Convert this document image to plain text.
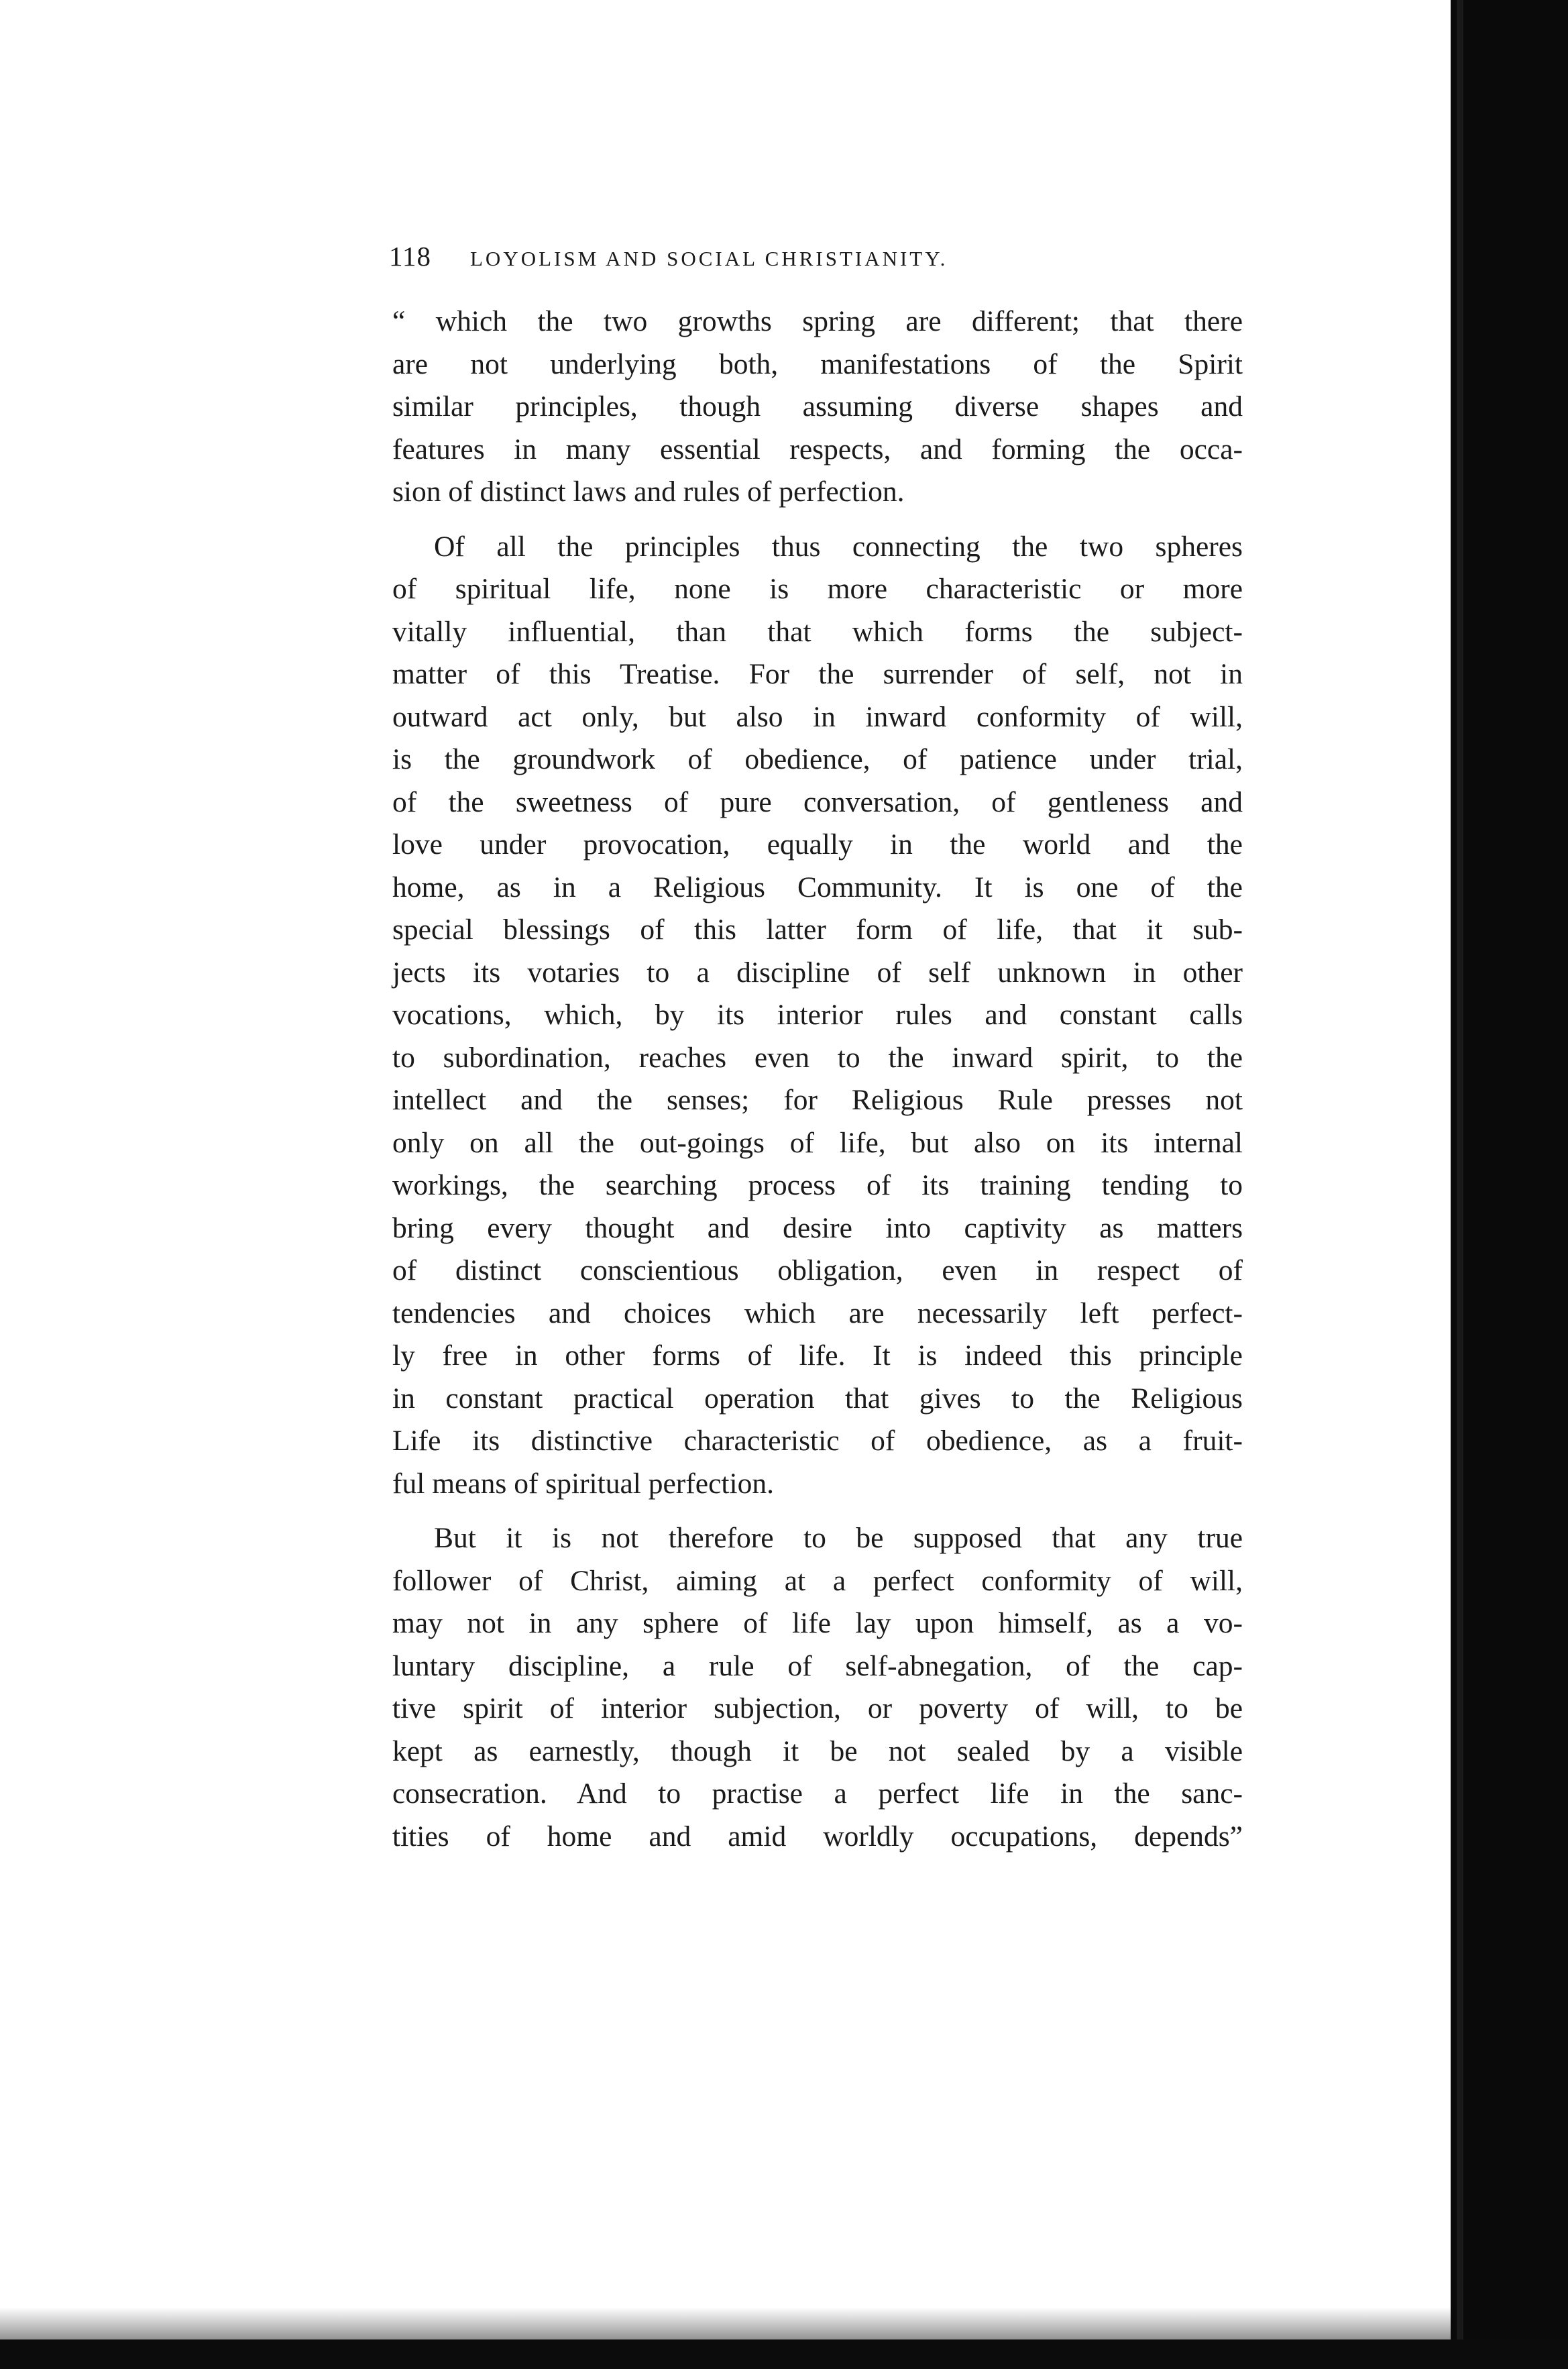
118 LOYOLISM AND SOCIAL CHRISTIANITY.
“ which the two growths spring are different; that there
are not underlying both, manifestations of the Spirit
similar principles, though assuming diverse shapes and
features in many essential respects, and forming the occa-
sion of distinct laws and rules of perfection.
Of all the principles thus connecting the two spheres
of spiritual life, none is more characteristic or more
vitally influential, than that which forms the subject-
matter of this Treatise. For the surrender of self, not in
outward act only, but also in inward conformity of will,
is the groundwork of obedience, of patience under trial,
of the sweetness of pure conversation, of gentleness and
love under provocation, equally in the world and the
home, as in a Religious Community. It is one of the
special blessings of this latter form of life, that it sub-
jects its votaries to a discipline of self unknown in other
vocations, which, by its interior rules and constant calls
to subordination, reaches even to the inward spirit, to the
intellect and the senses; for Religious Rule presses not
only on all the out-goings of life, but also on its internal
workings, the searching process of its training tending to
bring every thought and desire into captivity as matters
of distinct conscientious obligation, even in respect of
tendencies and choices which are necessarily left perfect-
ly free in other forms of life. It is indeed this principle
in constant practical operation that gives to the Religious
Life its distinctive characteristic of obedience, as a fruit-
ful means of spiritual perfection.
But it is not therefore to be supposed that any true
follower of Christ, aiming at a perfect conformity of will,
may not in any sphere of life lay upon himself, as a vo-
luntary discipline, a rule of self-abnegation, of the cap-
tive spirit of interior subjection, or poverty of will, to be
kept as earnestly, though it be not sealed by a visible
consecration. And to practise a perfect life in the sanc-
tities of home and amid worldly occupations, depends”
